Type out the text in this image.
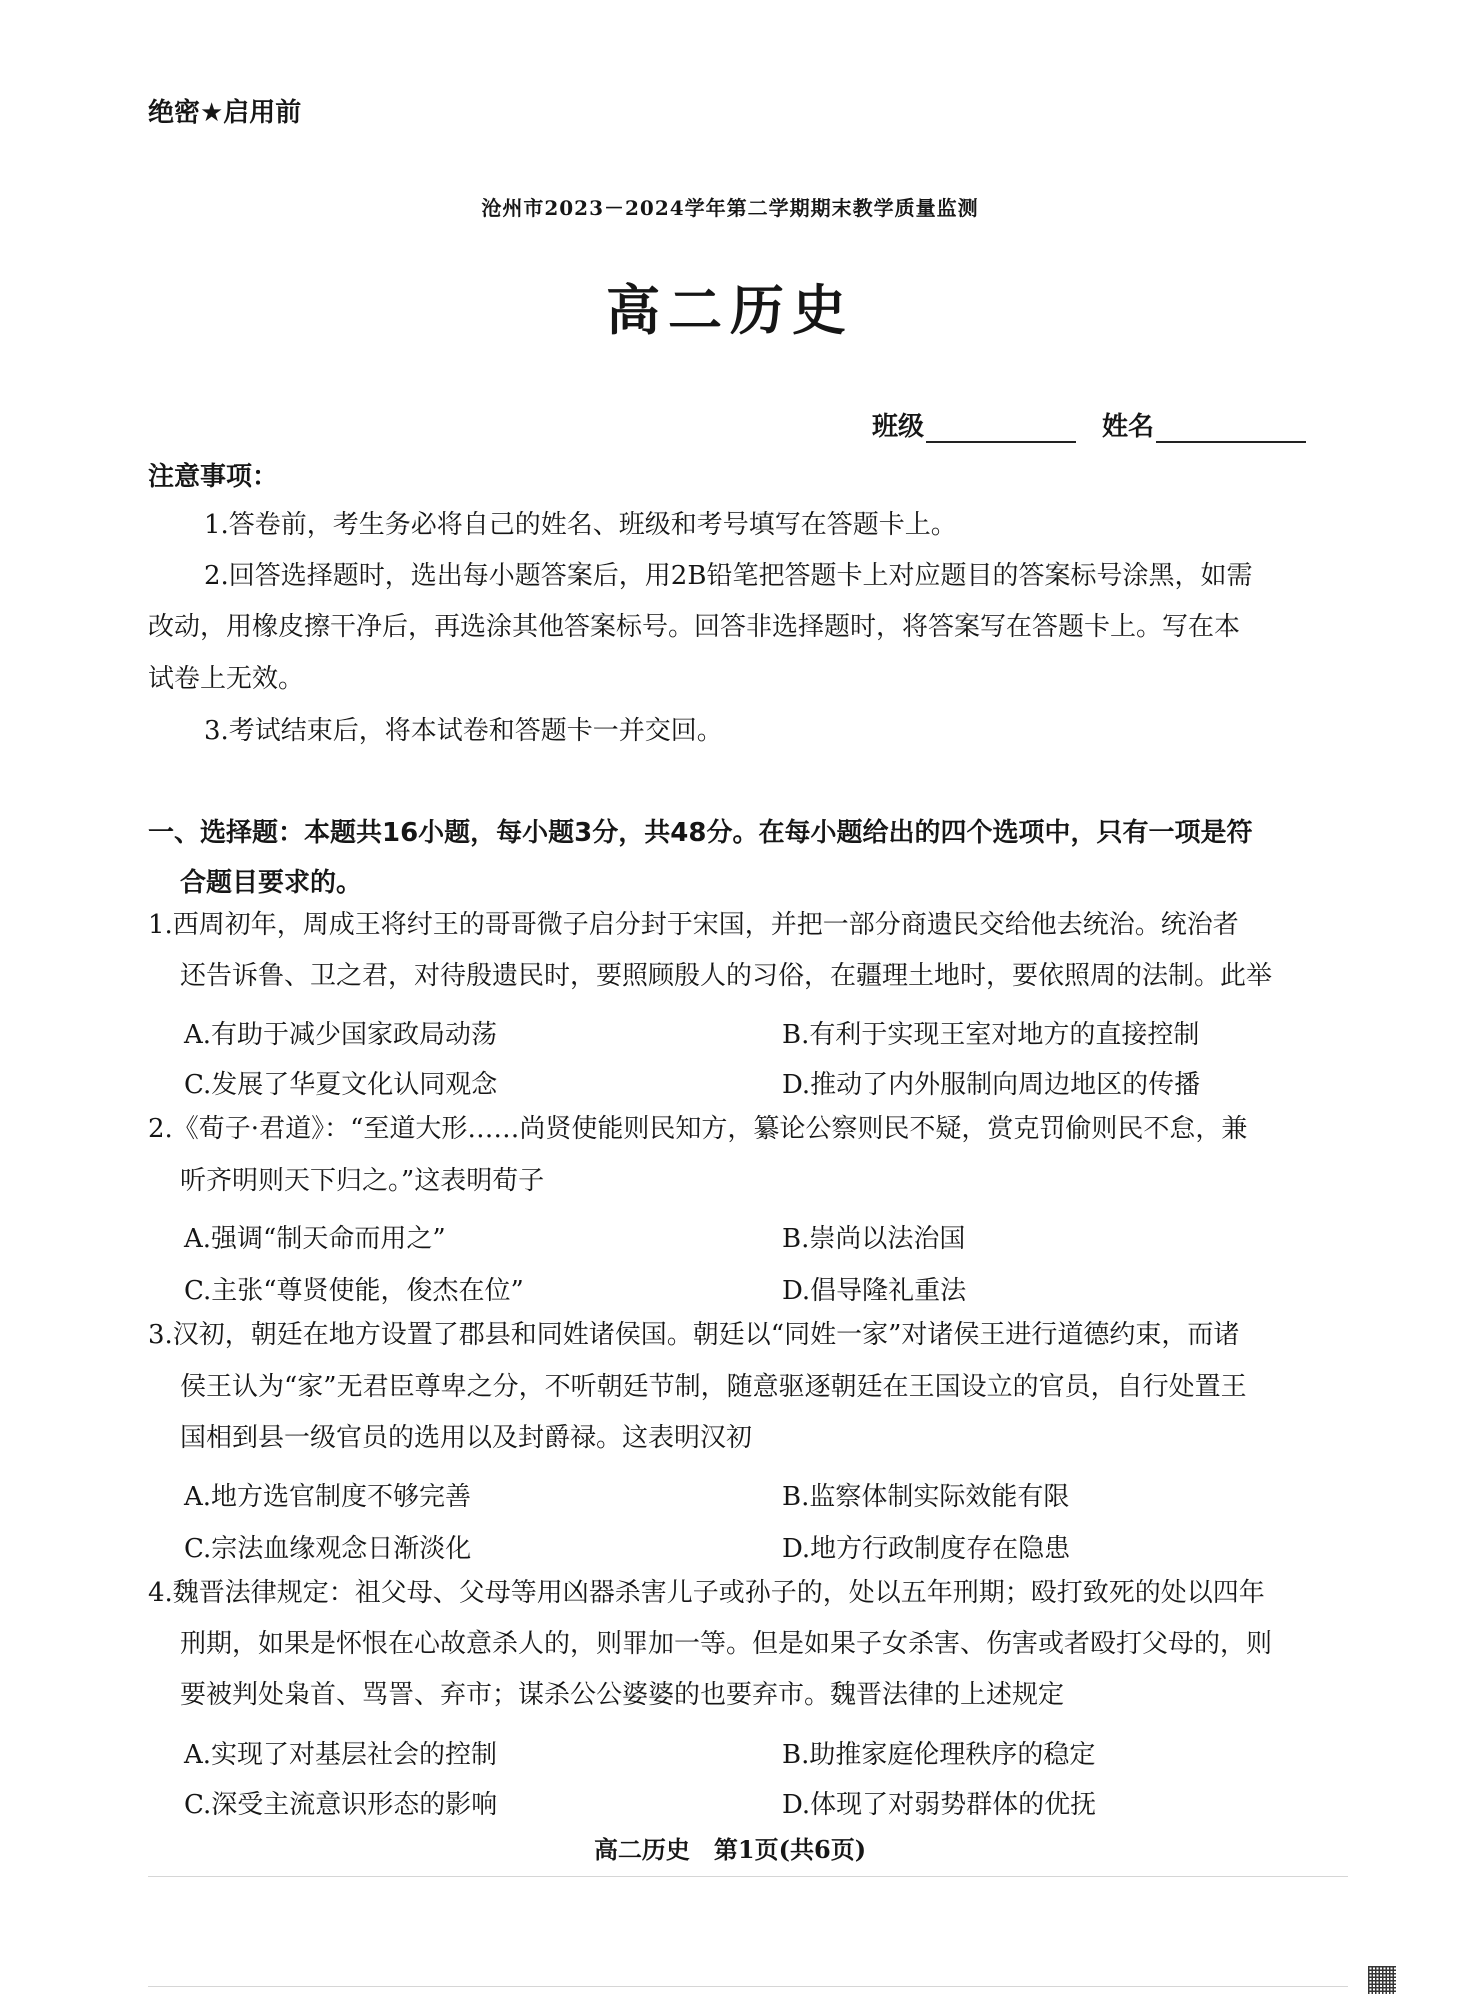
绝密★启用前
沧州市2023－2024学年第二学期期末教学质量监测
高二历史
班级	姓名
注意事项：
1.答卷前，考生务必将自己的姓名、班级和考号填写在答题卡上。
2.回答选择题时，选出每小题答案后，用2B铅笔把答题卡上对应题目的答案标号涂黑，如需
改动，用橡皮擦干净后，再选涂其他答案标号。回答非选择题时，将答案写在答题卡上。写在本
试卷上无效。
3.考试结束后，将本试卷和答题卡一并交回。
一、选择题：本题共16小题，每小题3分，共48分。在每小题给出的四个选项中，只有一项是符
合题目要求的。
1.西周初年，周成王将纣王的哥哥微子启分封于宋国，并把一部分商遗民交给他去统治。统治者
还告诉鲁、卫之君，对待殷遗民时，要照顾殷人的习俗，在疆理土地时，要依照周的法制。此举
A.有助于减少国家政局动荡	B.有利于实现王室对地方的直接控制
C.发展了华夏文化认同观念	D.推动了内外服制向周边地区的传播
2.《荀子·君道》：“至道大形……尚贤使能则民知方，纂论公察则民不疑，赏克罚偷则民不怠，兼
听齐明则天下归之。”这表明荀子
A.强调“制天命而用之”	B.崇尚以法治国
C.主张“尊贤使能，俊杰在位”	D.倡导隆礼重法
3.汉初，朝廷在地方设置了郡县和同姓诸侯国。朝廷以“同姓一家”对诸侯王进行道德约束，而诸
侯王认为“家”无君臣尊卑之分，不听朝廷节制，随意驱逐朝廷在王国设立的官员，自行处置王
国相到县一级官员的选用以及封爵禄。这表明汉初
A.地方选官制度不够完善	B.监察体制实际效能有限
C.宗法血缘观念日渐淡化	D.地方行政制度存在隐患
4.魏晋法律规定：祖父母、父母等用凶器杀害儿子或孙子的，处以五年刑期；殴打致死的处以四年
刑期，如果是怀恨在心故意杀人的，则罪加一等。但是如果子女杀害、伤害或者殴打父母的，则
要被判处枭首、骂詈、弃市；谋杀公公婆婆的也要弃市。魏晋法律的上述规定
A.实现了对基层社会的控制	B.助推家庭伦理秩序的稳定
C.深受主流意识形态的影响	D.体现了对弱势群体的优抚
高二历史　第1页(共6页)
